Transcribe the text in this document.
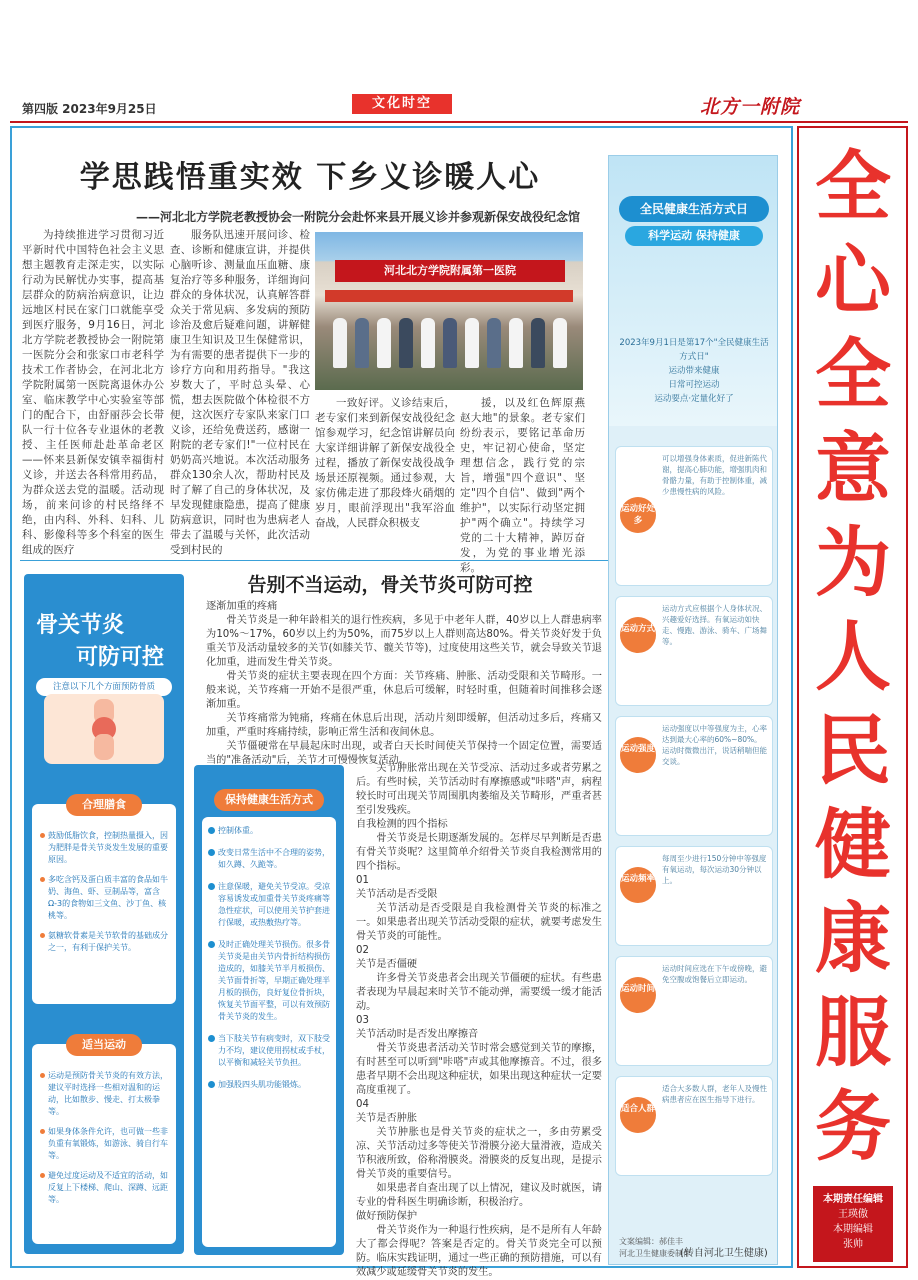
第四版 2023年9月25日	文化时空	北方一附院
全心全意为人民健康服务
本期责任编辑
王瑛傲
本期编辑
张帅
学思践悟重实效 下乡义诊暖人心
——河北北方学院老教授协会一附院分会赴怀来县开展义诊并参观新保安战役纪念馆
为持续推进学习贯彻习近平新时代中国特色社会主义思想主题教育走深走实，以实际行动为民解忧办实事，提高基层群众的防病治病意识，让边远地区村民在家门口就能享受到医疗服务，9月16日，河北北方学院老教授协会一附院第一医院分会和张家口市老科学技术工作者协会，在河北北方学院附属第一医院离退休办公室、临床教学中心实验室等部门的配合下，由舒丽莎会长带队一行十位各专业退休的老教授、主任医师赴赴革命老区——怀来县新保安镇幸福街村义诊，并送去各科常用药品，为群众送去党的温暖。活动现场，前来问诊的村民络绎不绝，由内科、外科、妇科、儿科、影像科等多个科室的医生组成的医疗
服务队迅速开展问诊、检查、诊断和健康宣讲，并提供心脑听诊、测量血压血糖、康复治疗等多种服务，详细询问群众的身体状况，认真解答群众关于常见病、多发病的预防诊治及愈后疑难问题，讲解健康卫生知识及卫生保健常识，为有需要的患者提供下一步的诊疗方向和用药指导。"我这岁数大了，平时总头晕、心慌，想去医院做个体检很不方便，这次医疗专家队来家门口义诊，还给免费送药，感谢一附院的老专家们!"一位村民在奶奶高兴地说。本次活动服务群众130余人次，帮助村民及时了解了自己的身体状况，及早发现健康隐患，提高了健康防病意识，同时也为患病老人带去了温暖与关怀，此次活动受到村民的
河北北方学院附属第一医院
一致好评。义诊结束后，老专家们来到新保安战役纪念馆参观学习，纪念馆讲解员向大家详细讲解了新保安战役全过程，播放了新保安战役战争场景还原视频。通过参观，大家仿佛走进了那段烽火硝烟的岁月，眼前浮现出"我军浴血奋战，人民群众积极支
援，以及红色辉原燕赵大地"的景象。老专家们纷纷表示，要铭记革命历史，牢记初心使命，坚定理想信念，践行党的宗旨，增强"四个意识"、坚定"四个自信"、做到"两个维护"，以实际行动坚定拥护"两个确立"。持续学习党的二十大精神，踔厉奋发，为党的事业增光添彩。
全民健康生活方式日
科学运动 保持健康
2023年9月1日是第17个"全民健康生活方式日"
运动带来健康
日常可控运动
运动要点·定量化好了
运动好处多
可以增强身体素质，促进新陈代谢，提高心肺功能，增强肌肉和骨骼力量，有助于控制体重，减少患慢性病的风险。
运动方式
运动方式应根据个人身体状况、兴趣爱好选择。有氧运动如快走、慢跑、游泳、骑车、广场舞等。
运动强度
运动强度以中等强度为主，心率达到最大心率的60%~80%。运动时微微出汗，说话稍喘但能交谈。
运动频率
每周至少进行150分钟中等强度有氧运动，每次运动30分钟以上。
运动时间
运动时间应选在下午或傍晚，避免空腹或饱餐后立即运动。
适合人群
适合大多数人群，老年人及慢性病患者应在医生指导下进行。
文案编辑：郝佳丰
河北卫生健康委制作
告别不当运动，骨关节炎可防可控
骨关节炎
可防可控
注意以下几个方面预防骨质
合理膳食
鼓励低脂饮食，控制热量摄入，因为肥胖是骨关节炎发生发展的重要原因。
多吃含钙及蛋白质丰富的食品如牛奶、海鱼、虾、豆制品等，富含Ω-3的食物如三文鱼、沙丁鱼、核桃等。
氨糖软骨素是关节软骨的基础成分之一，有利于保护关节。
适当运动
运动是预防骨关节炎的有效方法，建议平时选择一些相对温和的运动，比如散步、慢走、打太极拳等。
如果身体条件允许，也可做一些非负重有氧锻炼，如游泳、骑自行车等。
避免过度运动及不适宜的活动，如反复上下楼梯、爬山、深蹲、远距等。
保持健康生活方式
控制体重。
改变日常生活中不合理的姿势，如久蹲、久跪等。
注意保暖，避免关节受凉。受凉容易诱发或加重骨关节炎疼痛等急性症状，可以使用关节护套进行保暖，或热敷热疗等。
及时正确处理关节损伤。很多骨关节炎是由关节内骨折结构损伤造成的，如膝关节半月板损伤、关节面骨折等，早期正确处理半月板的损伤，良好复位骨折块，恢复关节面平整，可以有效预防骨关节炎的发生。
当下肢关节有病变时，双下肢受力不均，建议使用拐杖或手杖，以平衡和减轻关节负担。
加强股四头肌功能锻炼。
逐渐加重的疼痛
骨关节炎是一种年龄相关的退行性疾病，多见于中老年人群，40岁以上人群患病率为10%～17%，60岁以上约为50%，而75岁以上人群则高达80%。骨关节炎好发于负重关节及活动量较多的关节(如膝关节、髋关节等)，过度使用这些关节，就会导致关节退化加重，进而发生骨关节炎。
骨关节炎的症状主要表现在四个方面：关节疼痛、肿胀、活动受限和关节畸形。一般来说，关节疼痛一开始不是很严重，休息后可缓解，时轻时重，但随着时间推移会逐渐加重。
关节疼痛常为钝痛，疼痛在休息后出现，活动片刻即缓解，但活动过多后，疼痛又加重，严重时疼痛持续，影响正常生活和夜间休息。
关节僵硬常在早晨起床时出现，或者白天长时间使关节保持一个固定位置，需要适当的"准备活动"后，关节才可慢慢恢复活动。
关节肿胀常出现在关节受凉、活动过多或者劳累之后。有些时候，关节活动时有摩擦感或"咔嗒"声，病程较长时可出现关节周围肌肉萎缩及关节畸形，严重者甚至引发残疾。
自我检测的四个指标
骨关节炎是长期逐渐发展的。怎样尽早判断是否患有骨关节炎呢？这里简单介绍骨关节炎自我检测常用的四个指标。
01
关节活动是否受限
关节活动是否受限是自我检测骨关节炎的标准之一。如果患者出现关节活动受限的症状，就要考虑发生骨关节炎的可能性。
02
关节是否僵硬
许多骨关节炎患者会出现关节僵硬的症状。有些患者表现为早晨起来时关节不能动弹，需要缓一缓才能活动。
03
关节活动时是否发出摩擦音
骨关节炎患者活动关节时常会感觉到关节的摩擦，有时甚至可以听到"咔嗒"声或其他摩擦音。不过，很多患者早期不会出现这种症状，如果出现这种症状一定要高度重视了。
04
关节是否肿胀
关节肿胀也是骨关节炎的症状之一，多由劳累受凉、关节活动过多等使关节滑膜分泌大量滑液，造成关节积液所致，俗称滑膜炎。滑膜炎的反复出现，是提示骨关节炎的重要信号。
如果患者自查出现了以上情况，建议及时就医，请专业的骨科医生明确诊断，积极治疗。
做好预防保护
骨关节炎作为一种退行性疾病，是不是所有人年龄大了都会得呢？答案是否定的。骨关节炎完全可以预防。临床实践证明，通过一些正确的预防措施，可以有效减少或延缓骨关节炎的发生。
(转自河北卫生健康)
